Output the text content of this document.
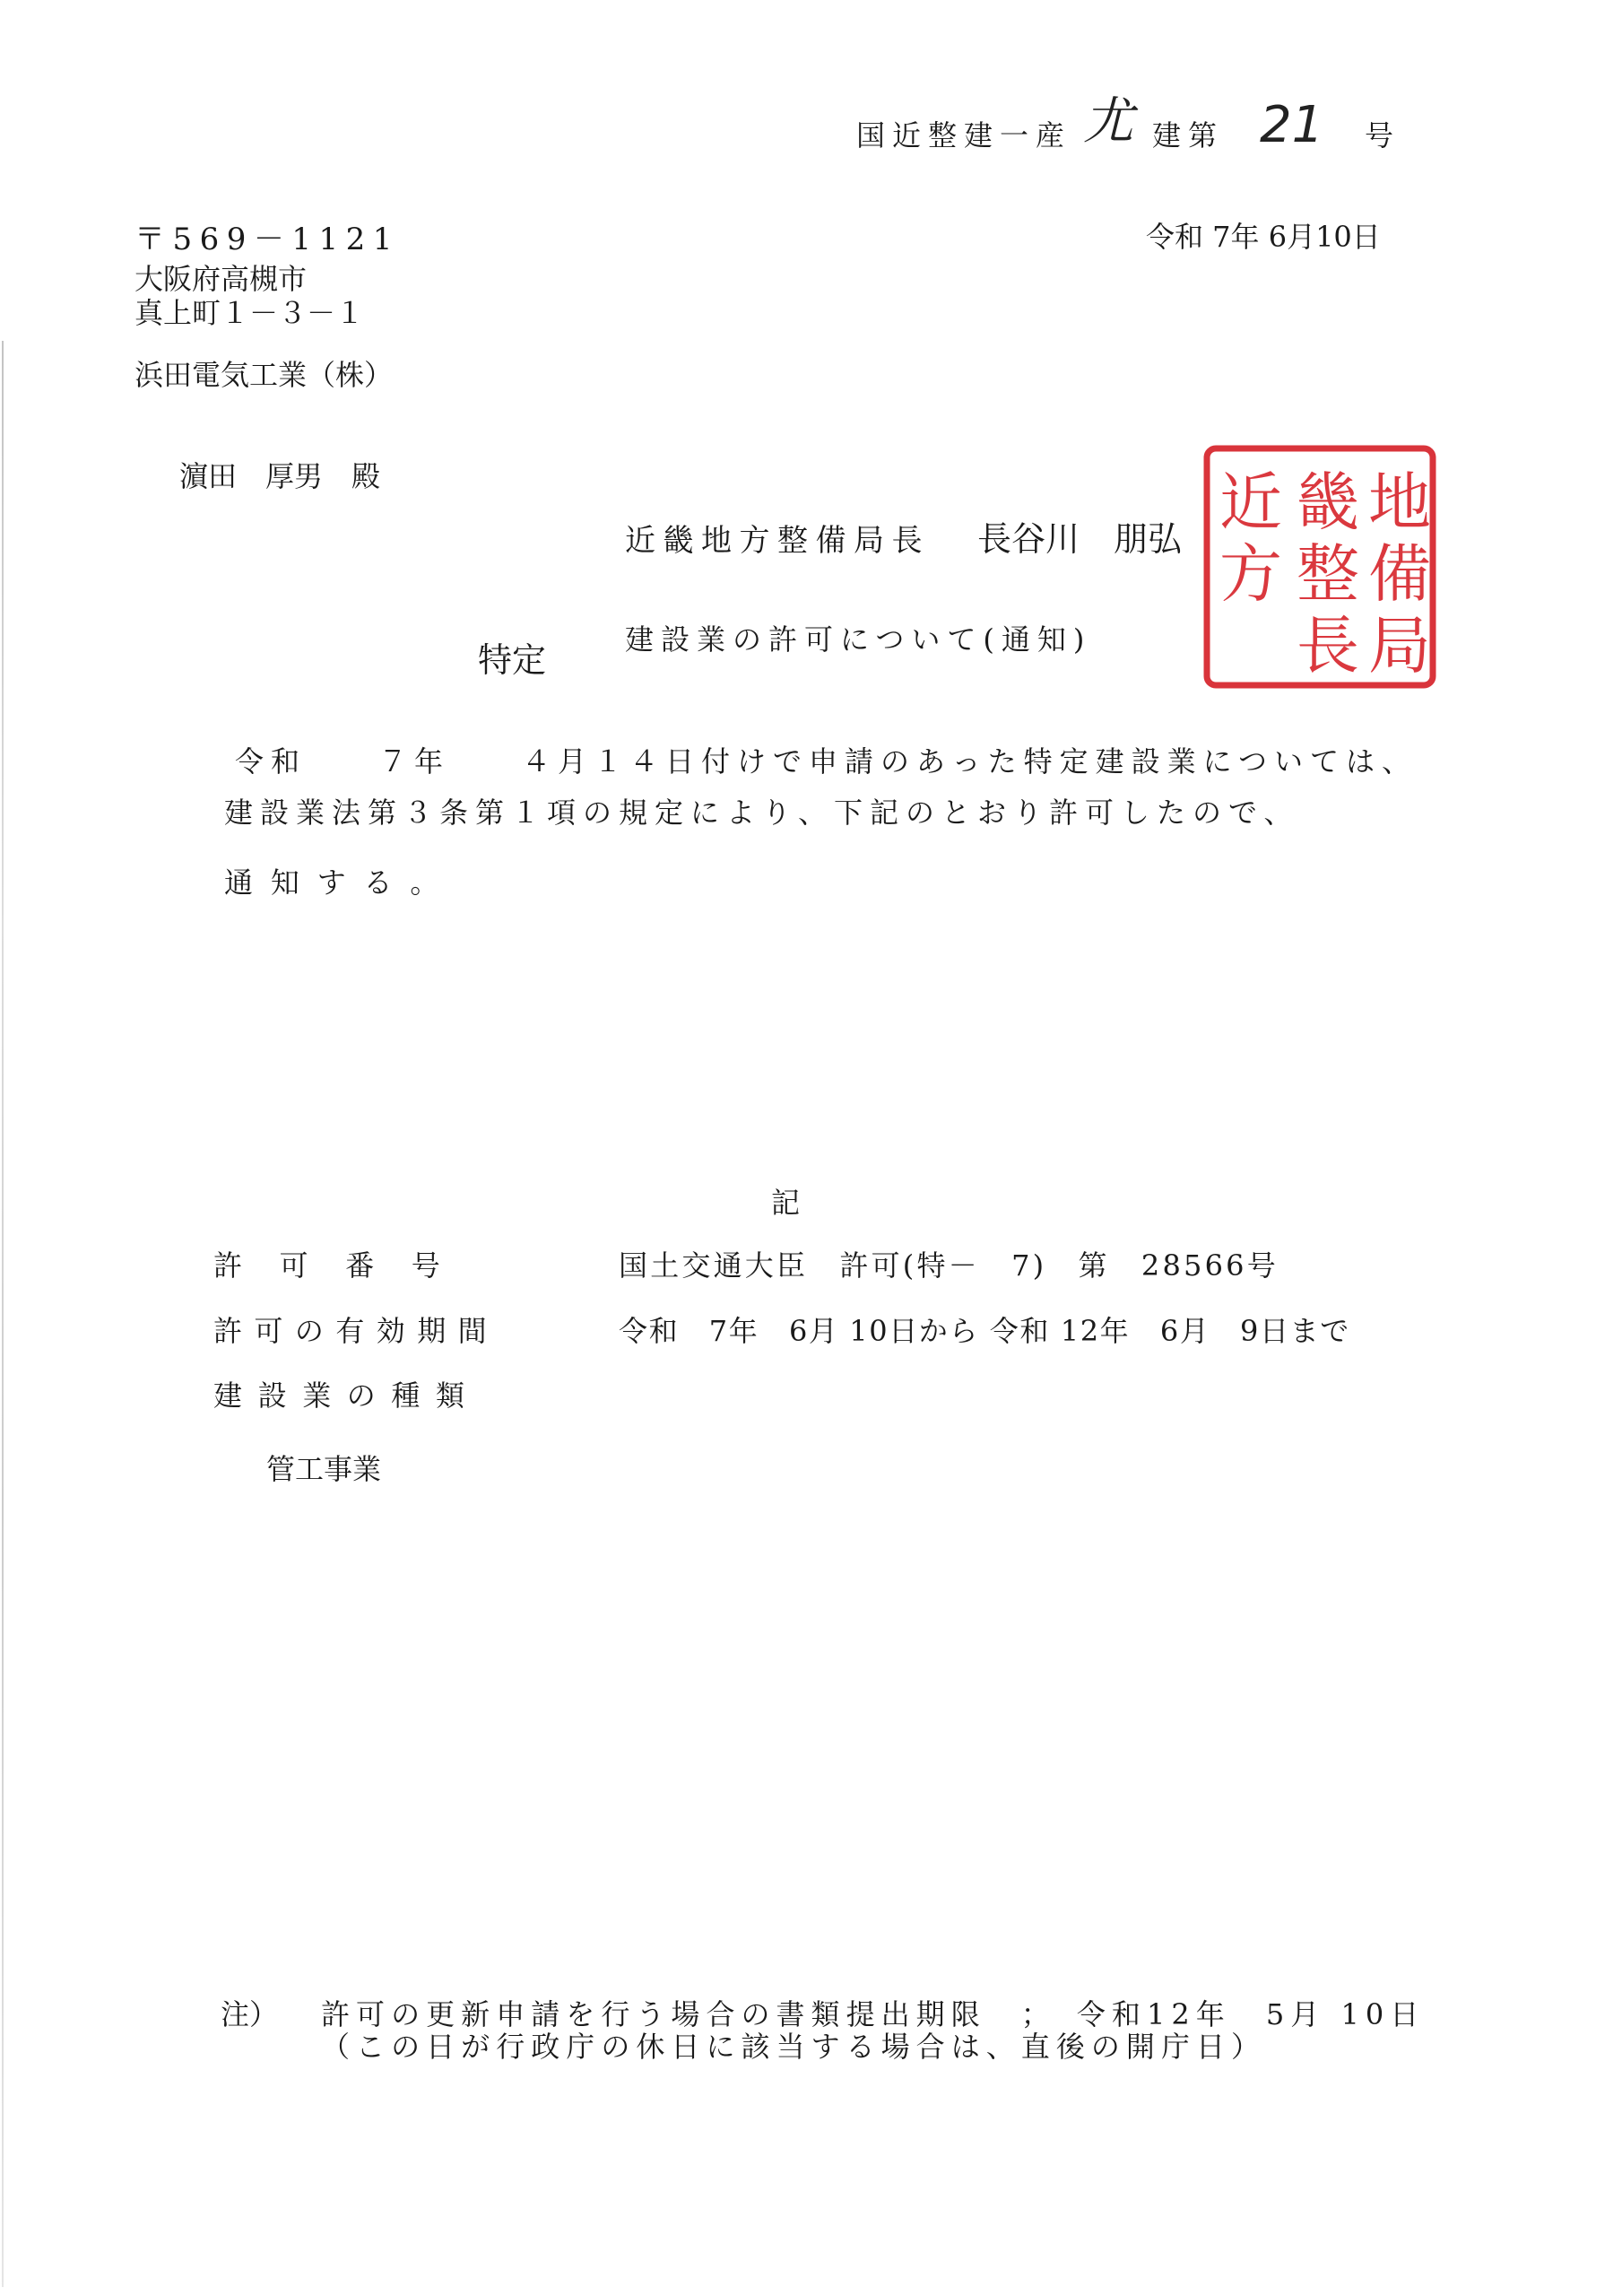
国近整建一産 尤 建第 21 号
令和 7年 6月10日
〒569－1121
大阪府高槻市
真上町１－３－１
浜田電気工業（株）
濵田　厚男　殿
近畿地方整備局長 長谷川　朋弘	地
備
畿
整
長
近
方
局
特定
建設業の許可について(通知)
令和　　７年　　４月１４日付けで申請のあった特定建設業については、
建設業法第３条第１項の規定により、下記のとおり許可したので、
通知する。
記
許可番号	国土交通大臣　許可(特－　7)　第　28566号
許可の有効期間	令和　7年　6月 10日から 令和 12年　6月　9日まで
建設業の種類
管工事業
注） 許可の更新申請を行う場合の書類提出期限　；　令和12年　5月 10日
（この日が行政庁の休日に該当する場合は、直後の開庁日）
